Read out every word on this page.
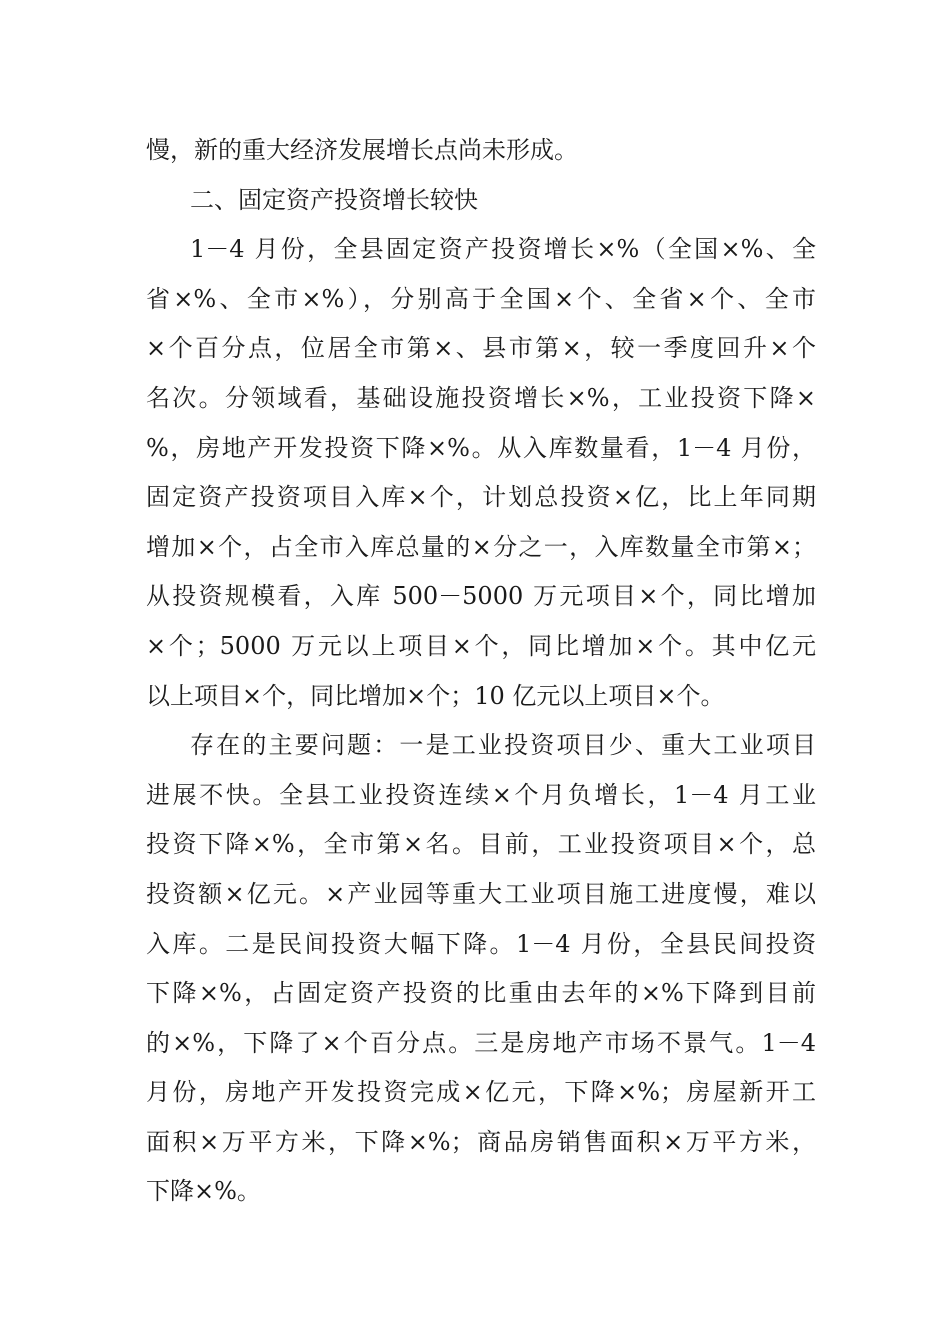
慢，新的重大经济发展增长点尚未形成。
二、固定资产投资增长较快
1－4 月份，全县固定资产投资增长×%（全国×%、全
省×%、全市×%），分别高于全国×个、全省×个、全市
×个百分点，位居全市第×、县市第×，较一季度回升×个
名次。分领域看，基础设施投资增长×%，工业投资下降×
%，房地产开发投资下降×%。从入库数量看，1－4 月份，
固定资产投资项目入库×个，计划总投资×亿，比上年同期
增加×个，占全市入库总量的×分之一，入库数量全市第×；
从投资规模看，入库 500－5000 万元项目×个，同比增加
×个；5000 万元以上项目×个，同比增加×个。其中亿元
以上项目×个，同比增加×个；10 亿元以上项目×个。
存在的主要问题：一是工业投资项目少、重大工业项目
进展不快。全县工业投资连续×个月负增长，1－4 月工业
投资下降×%，全市第×名。目前，工业投资项目×个，总
投资额×亿元。×产业园等重大工业项目施工进度慢，难以
入库。二是民间投资大幅下降。1－4 月份，全县民间投资
下降×%，占固定资产投资的比重由去年的×%下降到目前
的×%，下降了×个百分点。三是房地产市场不景气。1－4
月份，房地产开发投资完成×亿元，下降×%；房屋新开工
面积×万平方米，下降×%；商品房销售面积×万平方米，
下降×%。
